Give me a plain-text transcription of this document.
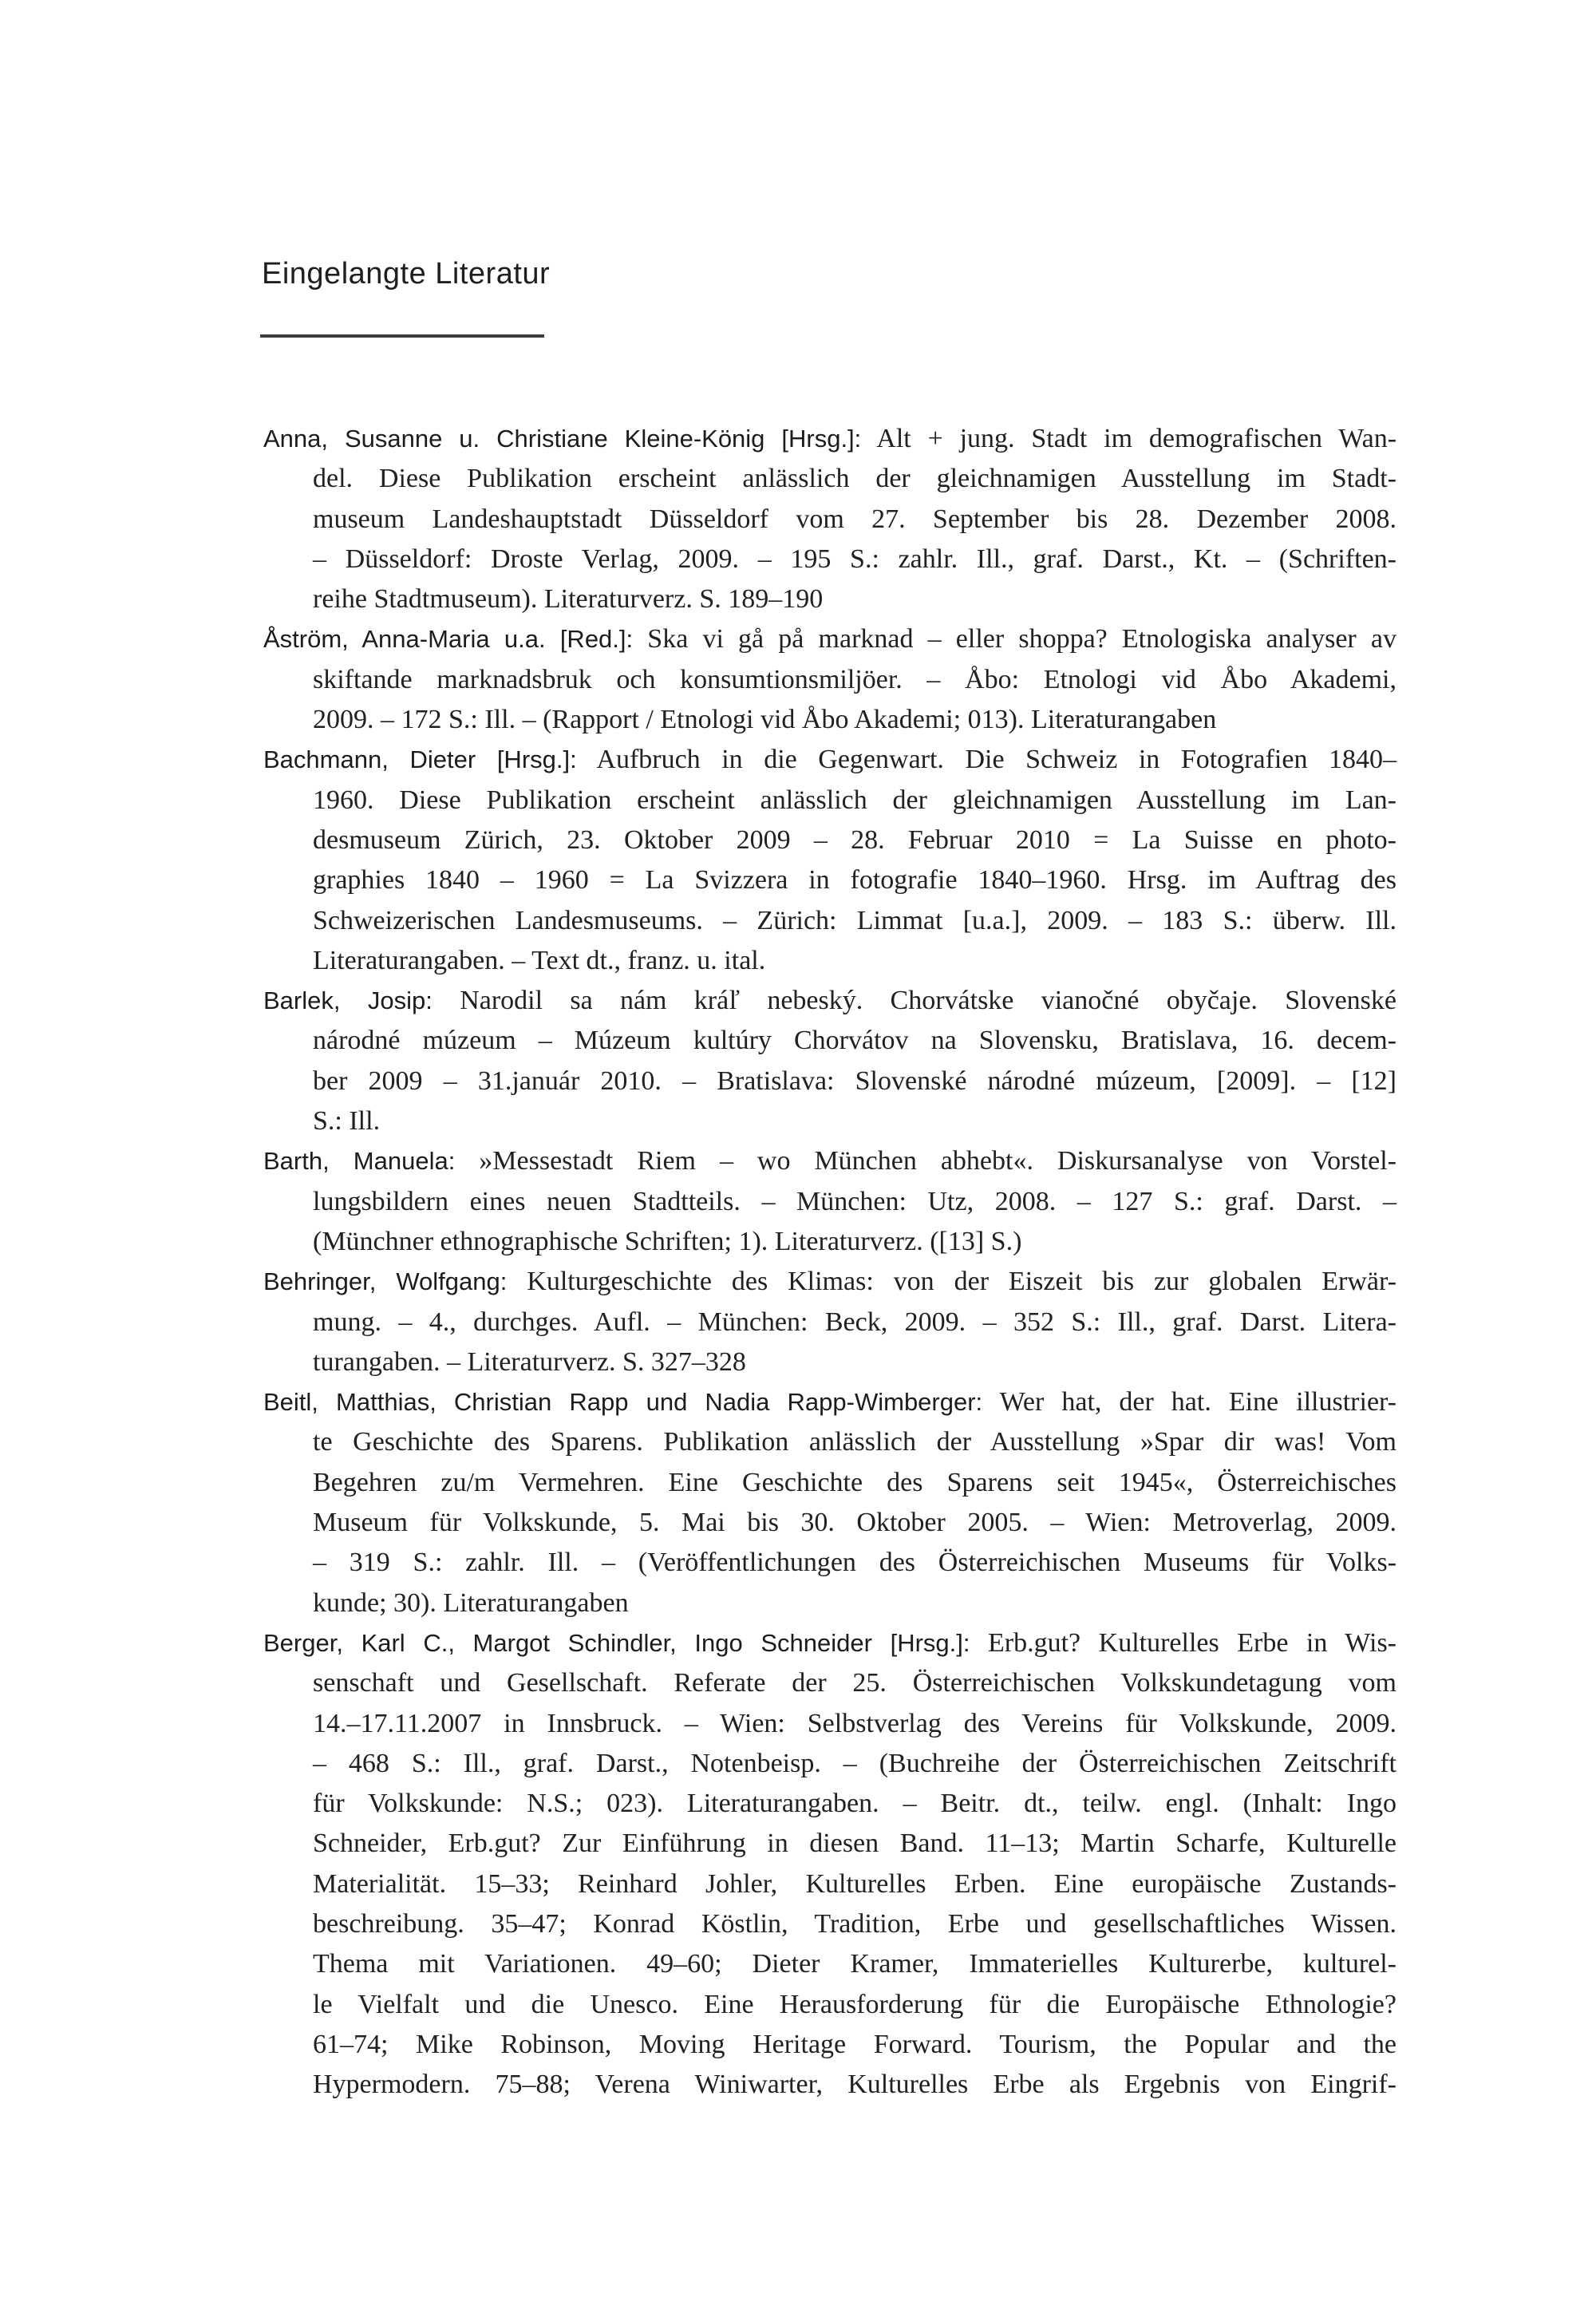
Eingelangte Literatur
Anna, Susanne u. Christiane Kleine-König [Hrsg.]: Alt + jung. Stadt im demografischen Wan-
del. Diese Publikation erscheint anlässlich der gleichnamigen Ausstellung im Stadt-
museum Landeshauptstadt Düsseldorf vom 27. September bis 28. Dezember 2008.
– Düsseldorf: Droste Verlag, 2009. – 195 S.: zahlr. Ill., graf. Darst., Kt. – (Schriften-
reihe Stadtmuseum). Literaturverz. S. 189–190
Åström, Anna-Maria u.a. [Red.]: Ska vi gå på marknad – eller shoppa? Etnologiska analyser av
skiftande marknadsbruk och konsumtionsmiljöer. – Åbo: Etnologi vid Åbo Akademi,
2009. – 172 S.: Ill. – (Rapport / Etnologi vid Åbo Akademi; 013). Literaturangaben
Bachmann, Dieter [Hrsg.]: Aufbruch in die Gegenwart. Die Schweiz in Fotografien 1840–
1960. Diese Publikation erscheint anlässlich der gleichnamigen Ausstellung im Lan-
desmuseum Zürich, 23. Oktober 2009 – 28. Februar 2010 = La Suisse en photo-
graphies 1840 – 1960 = La Svizzera in fotografie 1840–1960. Hrsg. im Auftrag des
Schweizerischen Landesmuseums. – Zürich: Limmat [u.a.], 2009. – 183 S.: überw. Ill.
Literaturangaben. – Text dt., franz. u. ital.
Barlek, Josip: Narodil sa nám kráľ nebeský. Chorvátske vianočné obyčaje. Slovenské
národné múzeum – Múzeum kultúry Chorvátov na Slovensku, Bratislava, 16. decem-
ber 2009 – 31.január 2010. – Bratislava: Slovenské národné múzeum, [2009]. – [12]
S.: Ill.
Barth, Manuela: »Messestadt Riem – wo München abhebt«. Diskursanalyse von Vorstel-
lungsbildern eines neuen Stadtteils. – München: Utz, 2008. – 127 S.: graf. Darst. –
(Münchner ethnographische Schriften; 1). Literaturverz. ([13] S.)
Behringer, Wolfgang: Kulturgeschichte des Klimas: von der Eiszeit bis zur globalen Erwär-
mung. – 4., durchges. Aufl. – München: Beck, 2009. – 352 S.: Ill., graf. Darst. Litera-
turangaben. – Literaturverz. S. 327–328
Beitl, Matthias, Christian Rapp und Nadia Rapp-Wimberger: Wer hat, der hat. Eine illustrier-
te Geschichte des Sparens. Publikation anlässlich der Ausstellung »Spar dir was! Vom
Begehren zu/m Vermehren. Eine Geschichte des Sparens seit 1945«, Österreichisches
Museum für Volkskunde, 5. Mai bis 30. Oktober 2005. – Wien: Metroverlag, 2009.
– 319 S.: zahlr. Ill. – (Veröffentlichungen des Österreichischen Museums für Volks-
kunde; 30). Literaturangaben
Berger, Karl C., Margot Schindler, Ingo Schneider [Hrsg.]: Erb.gut? Kulturelles Erbe in Wis-
senschaft und Gesellschaft. Referate der 25. Österreichischen Volkskundetagung vom
14.–17.11.2007 in Innsbruck. – Wien: Selbstverlag des Vereins für Volkskunde, 2009.
– 468 S.: Ill., graf. Darst., Notenbeisp. – (Buchreihe der Österreichischen Zeitschrift
für Volkskunde: N.S.; 023). Literaturangaben. – Beitr. dt., teilw. engl. (Inhalt: Ingo
Schneider, Erb.gut? Zur Einführung in diesen Band. 11–13; Martin Scharfe, Kulturelle
Materialität. 15–33; Reinhard Johler, Kulturelles Erben. Eine europäische Zustands-
beschreibung. 35–47; Konrad Köstlin, Tradition, Erbe und gesellschaftliches Wissen.
Thema mit Variationen. 49–60; Dieter Kramer, Immaterielles Kulturerbe, kulturel-
le Vielfalt und die Unesco. Eine Herausforderung für die Europäische Ethnologie?
61–74; Mike Robinson, Moving Heritage Forward. Tourism, the Popular and the
Hypermodern. 75–88; Verena Winiwarter, Kulturelles Erbe als Ergebnis von Eingrif-
